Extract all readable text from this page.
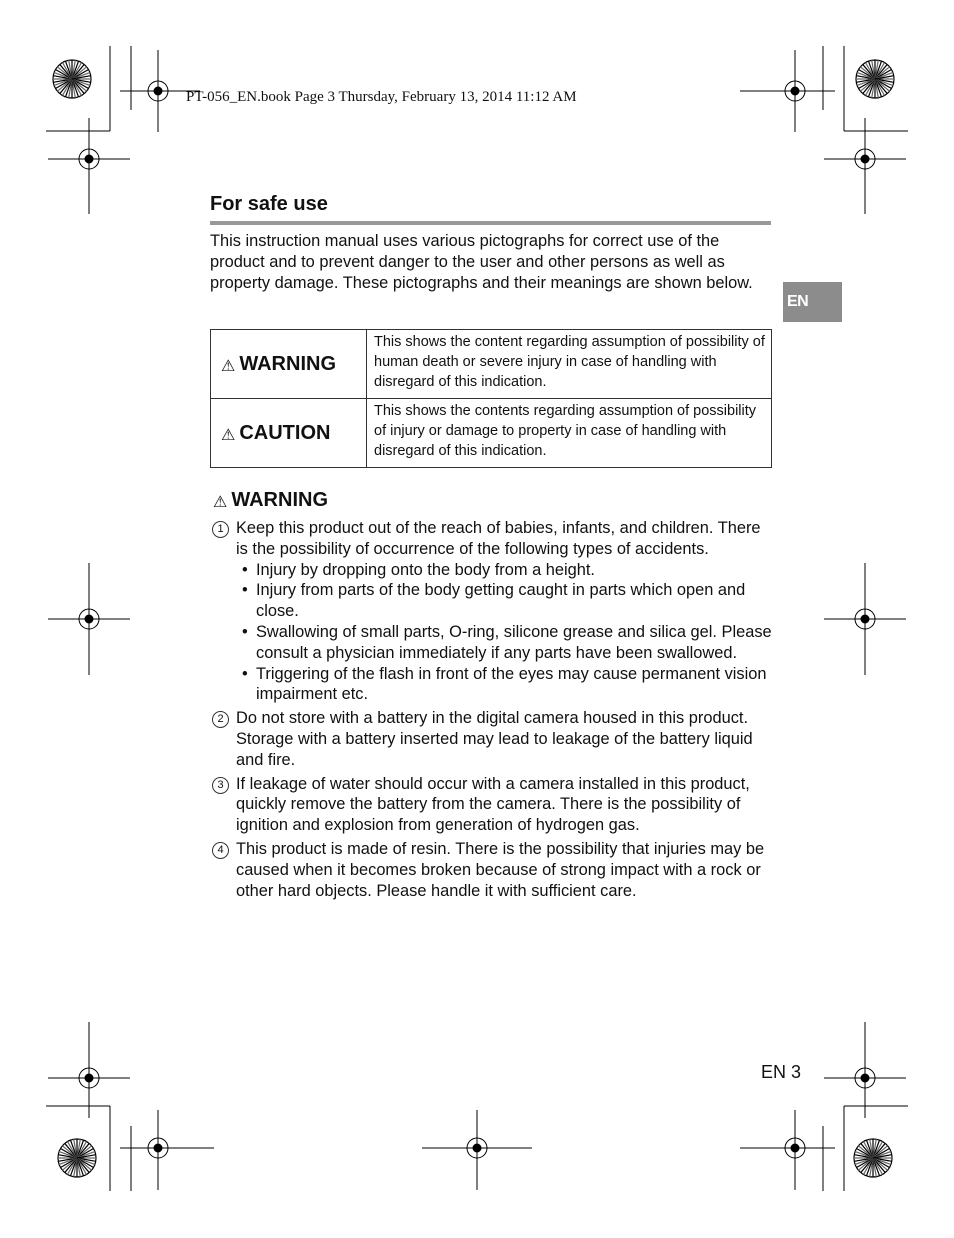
PT-056_EN.book Page 3 Thursday, February 13, 2014 11:12 AM
For safe use
This instruction manual uses various pictographs for correct use of the product and to prevent danger to the user and other persons as well as property damage. These pictographs and their meanings are shown below.
EN
⚠ WARNING	This shows the content regarding assumption of possibility of human death or severe injury in case of handling with disregard of this indication.
⚠ CAUTION	This shows the contents regarding assumption of possibility of injury or damage to property in case of handling with disregard of this indication.
⚠ WARNING
1 Keep this product out of the reach of babies, infants, and children. There is the possibility of occurrence of the following types of accidents.
• Injury by dropping onto the body from a height.
• Injury from parts of the body getting caught in parts which open and close.
• Swallowing of small parts, O-ring, silicone grease and silica gel. Please consult a physician immediately if any parts have been swallowed.
• Triggering of the flash in front of the eyes may cause permanent vision impairment etc.
2 Do not store with a battery in the digital camera housed in this product. Storage with a battery inserted may lead to leakage of the battery liquid and fire.
3 If leakage of water should occur with a camera installed in this product, quickly remove the battery from the camera. There is the possibility of ignition and explosion from generation of hydrogen gas.
4 This product is made of resin. There is the possibility that injuries may be caused when it becomes broken because of strong impact with a rock or other hard objects. Please handle it with sufficient care.
EN 3
